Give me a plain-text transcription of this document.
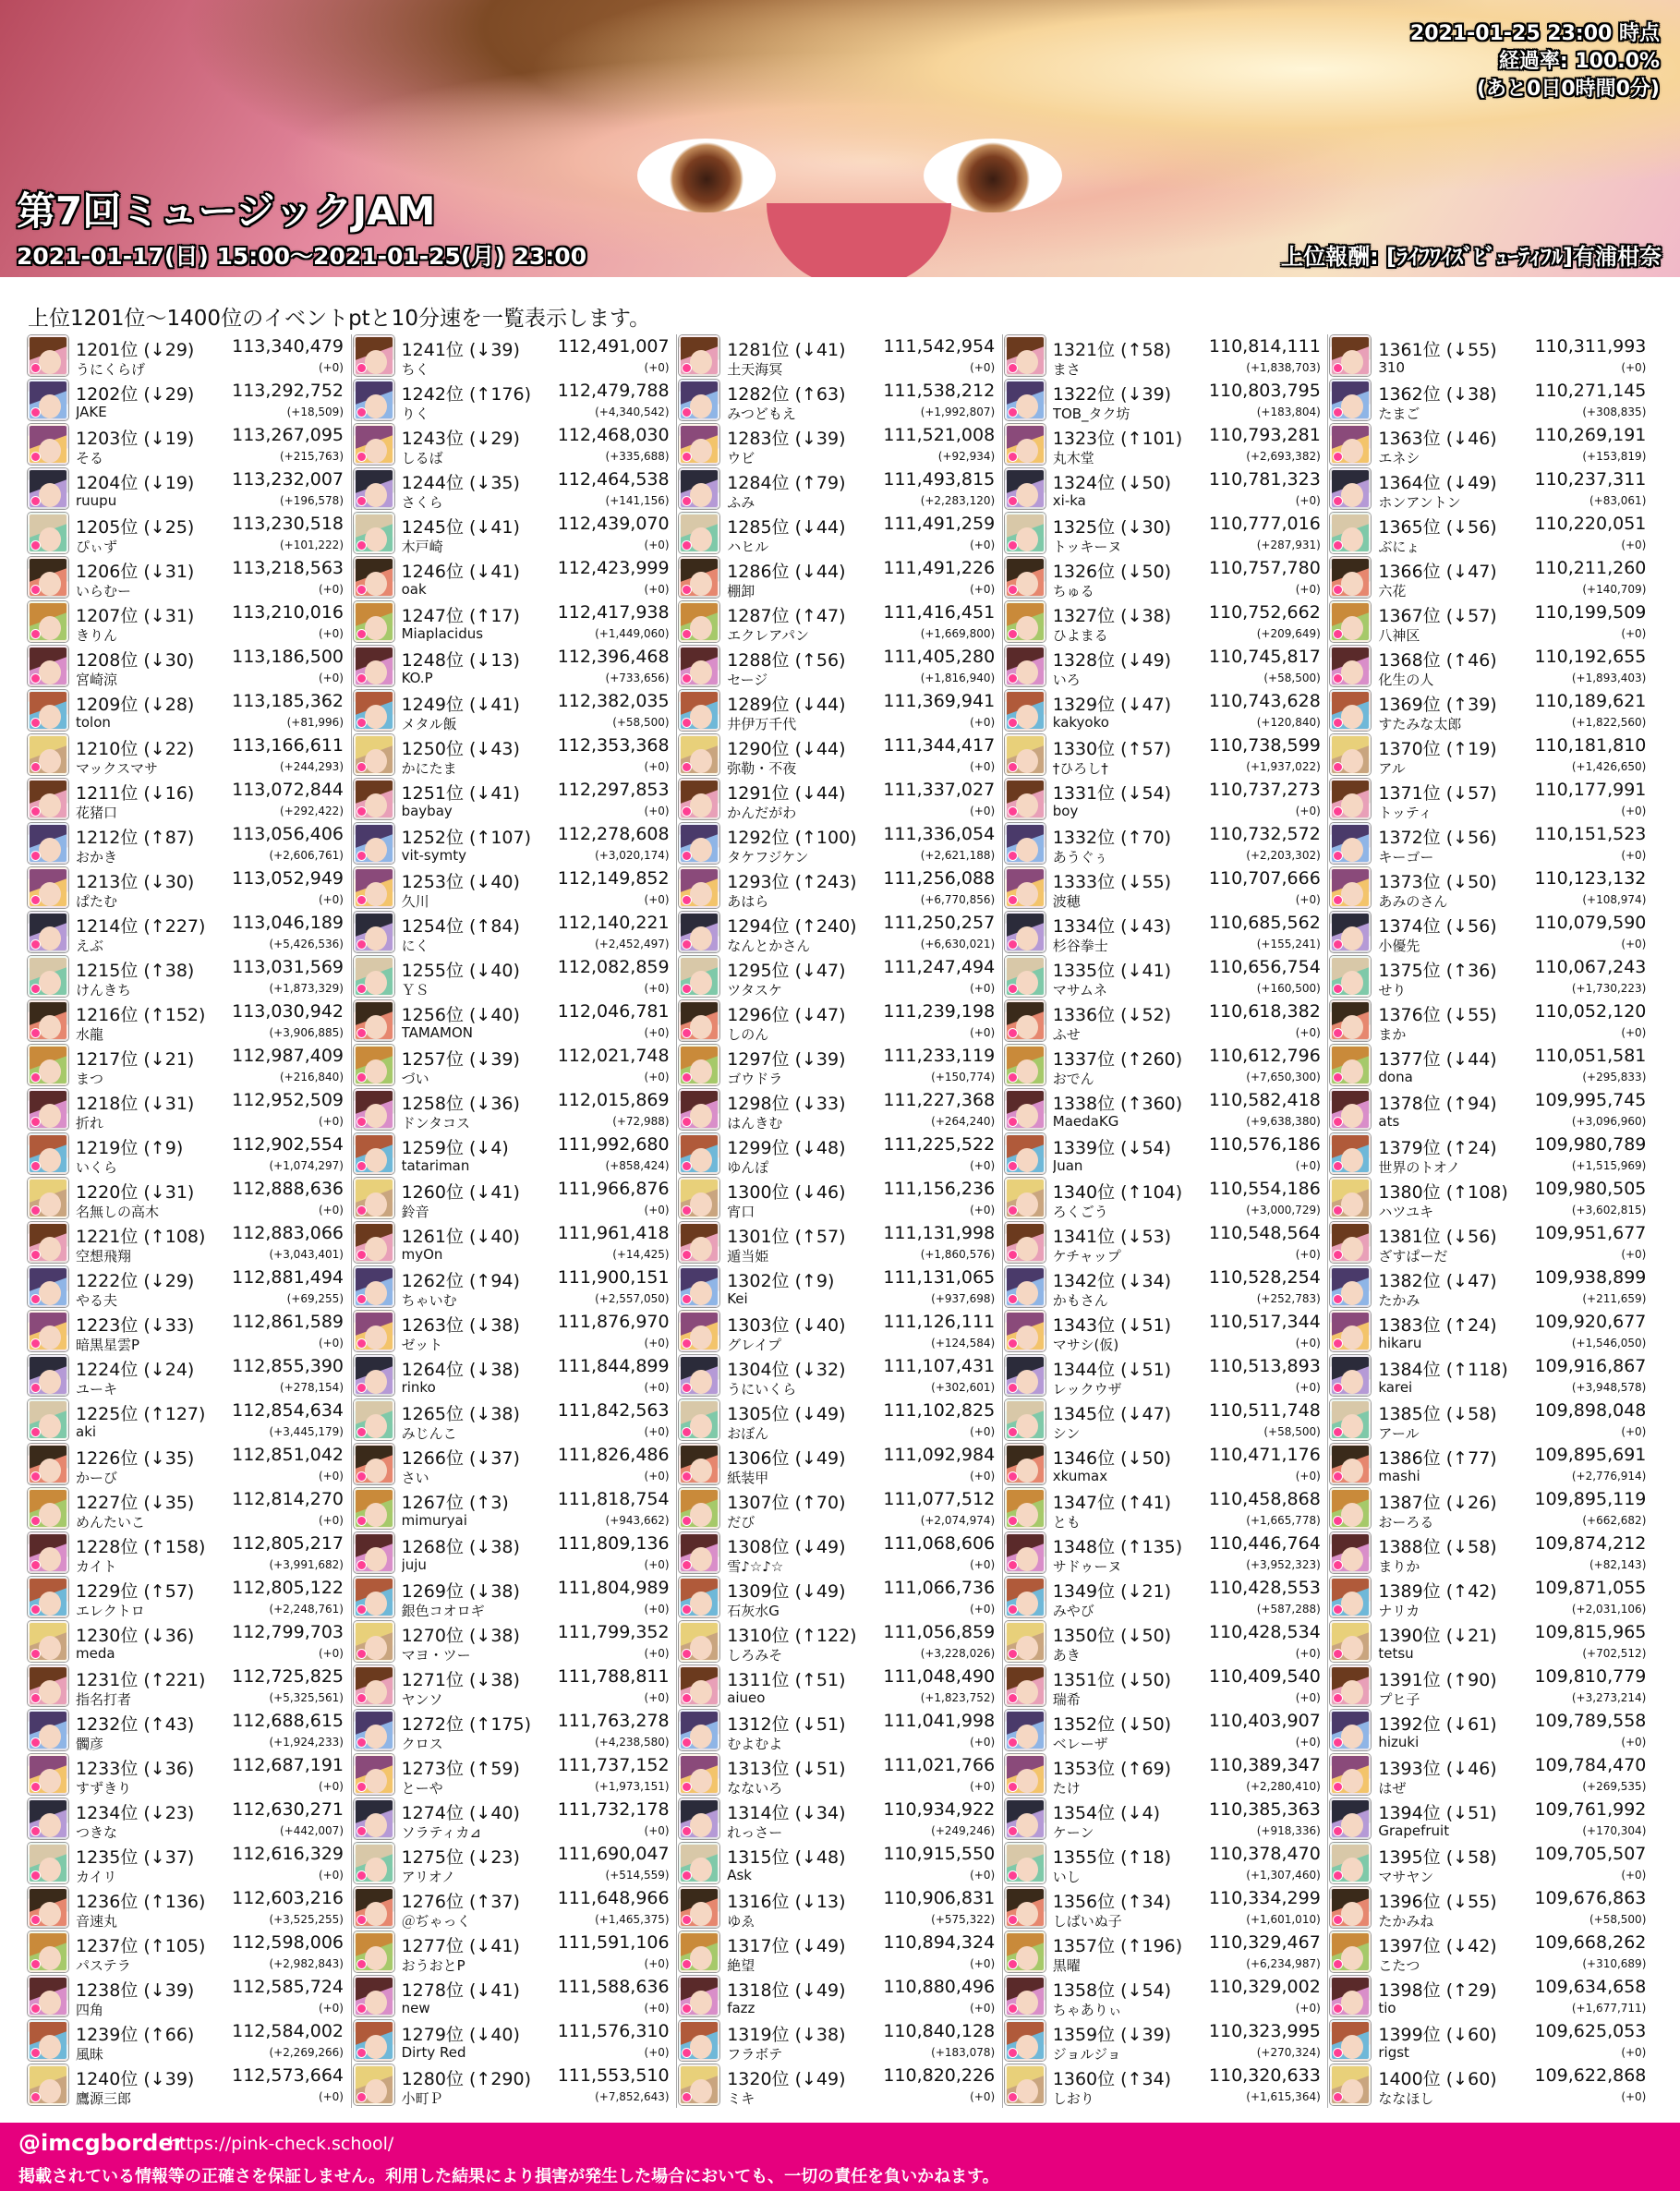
第7回ミュージックJAM
2021-01-17(日) 15:00～2021-01-25(月) 23:00
2021-01-25 23:00 時点
経過率: 100.0%
(あと0日0時間0分)
上位報酬: [ﾗｲﾌﾜｲｽﾞﾋﾞｭｰﾃｨﾌﾙ]有浦柑奈

上位1201位～1400位のイベントptと10分速を一覧表示します。

1201位 (↓29) 113,340,479
うにくらげ	(+0)
1202位 (↓29) 113,292,752
JAKE	(+18,509)
1203位 (↓19) 113,267,095
そる	(+215,763)
1204位 (↓19) 113,232,007
ruupu	(+196,578)
1205位 (↓25) 113,230,518
ぴぃず	(+101,222)
1206位 (↓31) 113,218,563
いらむー	(+0)
1207位 (↓31) 113,210,016
きりん	(+0)
1208位 (↓30) 113,186,500
宮崎涼	(+0)
1209位 (↓28) 113,185,362
tolon	(+81,996)
1210位 (↓22) 113,166,611
マックスマサ	(+244,293)
1211位 (↓16) 113,072,844
花猪口	(+292,422)
1212位 (↑87) 113,056,406
おかき	(+2,606,761)
1213位 (↓30) 113,052,949
ぱたむ	(+0)
1214位 (↑227) 113,046,189
えぶ	(+5,426,536)
1215位 (↑38) 113,031,569
けんきち	(+1,873,329)
1216位 (↑152) 113,030,942
水龍	(+3,906,885)
1217位 (↓21) 112,987,409
まつ	(+216,840)
1218位 (↓31) 112,952,509
折れ	(+0)
1219位 (↑9)	112,902,554
いくら	(+1,074,297)
1220位 (↓31) 112,888,636
名無しの高木	(+0)
1221位 (↑108) 112,883,066
空想飛翔	(+3,043,401)
1222位 (↓29) 112,881,494
やる夫	(+69,255)
1223位 (↓33) 112,861,589
暗黒星雲P	(+0)
1224位 (↓24) 112,855,390
ユーキ	(+278,154)
1225位 (↑127) 112,854,634
aki	(+3,445,179)
1226位 (↓35) 112,851,042
かーび	(+0)
1227位 (↓35) 112,814,270
めんたいこ	(+0)
1228位 (↑158) 112,805,217
カイト	(+3,991,682)
1229位 (↑57) 112,805,122
エレクトロ	(+2,248,761)
1230位 (↓36) 112,799,703
meda	(+0)
1231位 (↑221) 112,725,825
指名打者	(+5,325,561)
1232位 (↑43) 112,688,615
髑彦	(+1,924,233)
1233位 (↓36) 112,687,191
すずきり	(+0)
1234位 (↓23) 112,630,271
つきな	(+442,007)
1235位 (↓37) 112,616,329
カイリ	(+0)
1236位 (↑136) 112,603,216
音速丸	(+3,525,255)
1237位 (↑105) 112,598,006
パステラ	(+2,982,843)
1238位 (↓39) 112,585,724
四角	(+0)
1239位 (↑66) 112,584,002
風昧	(+2,269,266)
1240位 (↓39) 112,573,664
鷹源三郎	(+0)
1241位 (↓39) 112,491,007
ちく	(+0)
1242位 (↑176) 112,479,788
りく	(+4,340,542)
1243位 (↓29) 112,468,030
しるば	(+335,688)
1244位 (↓35) 112,464,538
さくら	(+141,156)
1245位 (↓41) 112,439,070
木戸崎	(+0)
1246位 (↓41) 112,423,999
oak	(+0)
1247位 (↑17) 112,417,938
Miaplacidus	(+1,449,060)
1248位 (↓13) 112,396,468
KO.P	(+733,656)
1249位 (↓41) 112,382,035
メタル飯	(+58,500)
1250位 (↓43) 112,353,368
かにたま	(+0)
1251位 (↓41) 112,297,853
baybay	(+0)
1252位 (↑107) 112,278,608
vit-symty	(+3,020,174)
1253位 (↓40) 112,149,852
久川	(+0)
1254位 (↑84) 112,140,221
にく	(+2,452,497)
1255位 (↓40) 112,082,859
ＹＳ	(+0)
1256位 (↓40) 112,046,781
TAMAMON	(+0)
1257位 (↓39) 112,021,748
づい	(+0)
1258位 (↓36) 112,015,869
ドンタコス	(+72,988)
1259位 (↓4)	111,992,680
tatariman	(+858,424)
1260位 (↓41) 111,966,876
鈴音	(+0)
1261位 (↓40) 111,961,418
myOn	(+14,425)
1262位 (↑94) 111,900,151
ちゃいむ	(+2,557,050)
1263位 (↓38) 111,876,970
ゼット	(+0)
1264位 (↓38) 111,844,899
rinko	(+0)
1265位 (↓38) 111,842,563
みじんこ	(+0)
1266位 (↓37) 111,826,486
さい	(+0)
1267位 (↑3)	111,818,754
mimuryai	(+943,662)
1268位 (↓38) 111,809,136
juju	(+0)
1269位 (↓38) 111,804,989
銀色コオロギ	(+0)
1270位 (↓38) 111,799,352
マヨ・ツー	(+0)
1271位 (↓38) 111,788,811
ヤンソ	(+0)
1272位 (↑175) 111,763,278
クロス	(+4,238,580)
1273位 (↑59) 111,737,152
とーや	(+1,973,151)
1274位 (↓40) 111,732,178
ソラティカ⊿	(+0)
1275位 (↓23) 111,690,047
アリオノ	(+514,559)
1276位 (↑37) 111,648,966
＠ぢゃっく	(+1,465,375)
1277位 (↓41) 111,591,106
おうおとP	(+0)
1278位 (↓41) 111,588,636
new	(+0)
1279位 (↓40) 111,576,310
Dirty Red	(+0)
1280位 (↑290) 111,553,510
小町Ｐ	(+7,852,643)
1281位 (↓41) 111,542,954
土天海冥	(+0)
1282位 (↑63) 111,538,212
みつどもえ	(+1,992,807)
1283位 (↓39) 111,521,008
ウビ	(+92,934)
1284位 (↑79) 111,493,815
ふみ	(+2,283,120)
1285位 (↓44) 111,491,259
ハヒル	(+0)
1286位 (↓44) 111,491,226
棚卸	(+0)
1287位 (↑47) 111,416,451
エクレアパン	(+1,669,800)
1288位 (↑56) 111,405,280
セージ	(+1,816,940)
1289位 (↓44) 111,369,941
井伊万千代	(+0)
1290位 (↓44) 111,344,417
弥勒・不夜	(+0)
1291位 (↓44) 111,337,027
かんだがわ	(+0)
1292位 (↑100) 111,336,054
タケフジケン	(+2,621,188)
1293位 (↑243) 111,256,088
あはら	(+6,770,856)
1294位 (↑240) 111,250,257
なんとかさん	(+6,630,021)
1295位 (↓47) 111,247,494
ツタスケ	(+0)
1296位 (↓47) 111,239,198
しのん	(+0)
1297位 (↓39) 111,233,119
ゴウドラ	(+150,774)
1298位 (↓33) 111,227,368
はんきむ	(+264,240)
1299位 (↓48) 111,225,522
ゆんぽ	(+0)
1300位 (↓46) 111,156,236
宵口	(+0)
1301位 (↑57) 111,131,998
遁当姫	(+1,860,576)
1302位 (↑9)	111,131,065
Kei	(+937,698)
1303位 (↓40) 111,126,111
グレイプ	(+124,584)
1304位 (↓32) 111,107,431
うにいくら	(+302,601)
1305位 (↓49) 111,102,825
おぼん	(+0)
1306位 (↓49) 111,092,984
紙装甲	(+0)
1307位 (↑70) 111,077,512
だび	(+2,074,974)
1308位 (↓49) 111,068,606
雪♪☆♪☆	(+0)
1309位 (↓49) 111,066,736
石灰水G	(+0)
1310位 (↑122) 111,056,859
しろみそ	(+3,228,026)
1311位 (↑51) 111,048,490
aiueo	(+1,823,752)
1312位 (↓51) 111,041,998
むよむよ	(+0)
1313位 (↓51) 111,021,766
なないろ	(+0)
1314位 (↓34) 110,934,922
れっさー	(+249,246)
1315位 (↓48) 110,915,550
Ask	(+0)
1316位 (↓13) 110,906,831
ゆゑ	(+575,322)
1317位 (↓49) 110,894,324
絶望	(+0)
1318位 (↓49) 110,880,496
fazz	(+0)
1319位 (↓38) 110,840,128
フラボテ	(+183,078)
1320位 (↓49) 110,820,226
ミキ	(+0)
1321位 (↑58) 110,814,111
まさ	(+1,838,703)
1322位 (↓39) 110,803,795
TOB_タク坊	(+183,804)
1323位 (↑101) 110,793,281
丸木堂	(+2,693,382)
1324位 (↓50) 110,781,323
xi-ka	(+0)
1325位 (↓30) 110,777,016
トッキーヌ	(+287,931)
1326位 (↓50) 110,757,780
ちゅる	(+0)
1327位 (↓38) 110,752,662
ひよまる	(+209,649)
1328位 (↓49) 110,745,817
いろ	(+58,500)
1329位 (↓47) 110,743,628
kakyoko	(+120,840)
1330位 (↑57) 110,738,599
†ひろし†	(+1,937,022)
1331位 (↓54) 110,737,273
boy	(+0)
1332位 (↑70) 110,732,572
あうぐぅ	(+2,203,302)
1333位 (↓55) 110,707,666
波穂	(+0)
1334位 (↓43) 110,685,562
杉谷拳士	(+155,241)
1335位 (↓41) 110,656,754
マサムネ	(+160,500)
1336位 (↓52) 110,618,382
ふせ	(+0)
1337位 (↑260) 110,612,796
おでん	(+7,650,300)
1338位 (↑360) 110,582,418
MaedaKG	(+9,638,380)
1339位 (↓54) 110,576,186
Juan	(+0)
1340位 (↑104) 110,554,186
ろくごう	(+3,000,729)
1341位 (↓53) 110,548,564
ケチャップ	(+0)
1342位 (↓34) 110,528,254
かもさん	(+252,783)
1343位 (↓51) 110,517,344
マサシ(仮)	(+0)
1344位 (↓51) 110,513,893
レックウザ	(+0)
1345位 (↓47) 110,511,748
シン	(+58,500)
1346位 (↓50) 110,471,176
xkumax	(+0)
1347位 (↑41) 110,458,868
とも	(+1,665,778)
1348位 (↑135) 110,446,764
サドゥーヌ	(+3,952,323)
1349位 (↓21) 110,428,553
みやび	(+587,288)
1350位 (↓50) 110,428,534
あき	(+0)
1351位 (↓50) 110,409,540
瑞希	(+0)
1352位 (↓50) 110,403,907
ベレーザ	(+0)
1353位 (↑69) 110,389,347
たけ	(+2,280,410)
1354位 (↓4)	110,385,363
ケーン	(+918,336)
1355位 (↑18) 110,378,470
いし	(+1,307,460)
1356位 (↑34) 110,334,299
しばいぬ子	(+1,601,010)
1357位 (↑196) 110,329,467
黒曜	(+6,234,987)
1358位 (↓54) 110,329,002
ちゃありぃ	(+0)
1359位 (↓39) 110,323,995
ジョルジョ	(+270,324)
1360位 (↑34) 110,320,633
しおり	(+1,615,364)
1361位 (↓55) 110,311,993
310	(+0)
1362位 (↓38) 110,271,145
たまご	(+308,835)
1363位 (↓46) 110,269,191
エネシ	(+153,819)
1364位 (↓49) 110,237,311
ホンアントン	(+83,061)
1365位 (↓56) 110,220,051
ぶにょ	(+0)
1366位 (↓47) 110,211,260
六花	(+140,709)
1367位 (↓57) 110,199,509
八神区	(+0)
1368位 (↑46) 110,192,655
化生の人	(+1,893,403)
1369位 (↑39) 110,189,621
すたみな太郎	(+1,822,560)
1370位 (↑19) 110,181,810
アル	(+1,426,650)
1371位 (↓57) 110,177,991
トッティ	(+0)
1372位 (↓56) 110,151,523
キーゴー	(+0)
1373位 (↓50) 110,123,132
あみのさん	(+108,974)
1374位 (↓56) 110,079,590
小優先	(+0)
1375位 (↑36) 110,067,243
せり	(+1,730,223)
1376位 (↓55) 110,052,120
まか	(+0)
1377位 (↓44) 110,051,581
dona	(+295,833)
1378位 (↑94) 109,995,745
ats	(+3,096,960)
1379位 (↑24) 109,980,789
世界のトオノ	(+1,515,969)
1380位 (↑108) 109,980,505
ハツユキ	(+3,602,815)
1381位 (↓56) 109,951,677
ざすぱーだ	(+0)
1382位 (↓47) 109,938,899
たかみ	(+211,659)
1383位 (↑24) 109,920,677
hikaru	(+1,546,050)
1384位 (↑118) 109,916,867
karei	(+3,948,578)
1385位 (↓58) 109,898,048
アール	(+0)
1386位 (↑77) 109,895,691
mashi	(+2,776,914)
1387位 (↓26) 109,895,119
おーろる	(+662,682)
1388位 (↓58) 109,874,212
まりか	(+82,143)
1389位 (↑42) 109,871,055
ナリカ	(+2,031,106)
1390位 (↓21) 109,815,965
tetsu	(+702,512)
1391位 (↑90) 109,810,779
プヒ子	(+3,273,214)
1392位 (↓61) 109,789,558
hizuki	(+0)
1393位 (↓46) 109,784,470
はぜ	(+269,535)
1394位 (↓51) 109,761,992
Grapefruit	(+170,304)
1395位 (↓58) 109,705,507
マサヤン	(+0)
1396位 (↓55) 109,676,863
たかみね	(+58,500)
1397位 (↓42) 109,668,262
こたつ	(+310,689)
1398位 (↑29) 109,634,658
tio	(+1,677,711)
1399位 (↓60) 109,625,053
rigst	(+0)
1400位 (↓60) 109,622,868
ななほし	(+0)
@imcgborder
https://pink-check.school/
掲載されている情報等の正確さを保証しません。利用した結果により損害が発生した場合においても、一切の責任を負いかねます。
